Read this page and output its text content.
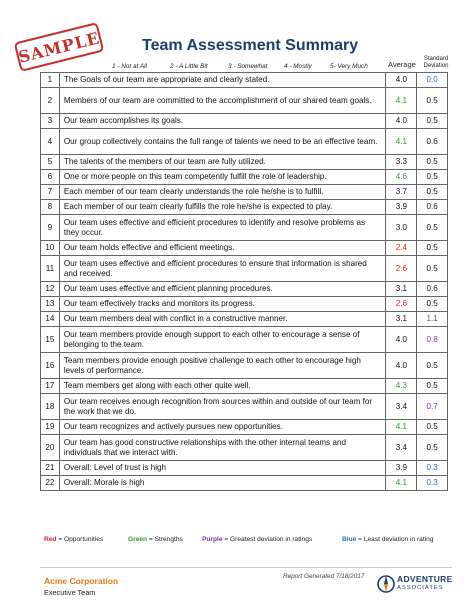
SAMPLE	Team Assessment Summary
1 - Not at All	2 - A Little Bit	3 - Somewhat	4 - Mostly	5- Very Much	Average
Standard Deviation
1	The Goals of our team are appropriate and clearly stated.	4.0	0.0
2	Members of our team are committed to the accomplishment of our shared team goals.	4.1	0.5
3	Our team accomplishes its goals.	4.0	0.5
4	Our group collectively contains the full range of talents we need to be an effective team.	4.1	0.6
5	The talents of the members of our team are fully utilized.	3.3	0.5
6	One or more people on this team competently fulfill the role of leadership.	4.6	0.5
7	Each member of our team clearly understands the role he/she is to fulfill.	3.7	0.5
8	Each member of our team clearly fulfills the role he/she is expected to play.	3.9	0.6
9	Our team uses effective and efficient procedures to identify and resolve problems as they occur.	3.0	0.5
10	Our team holds effective and efficient meetings.	2.4	0.5
11	Our team uses effective and efficient procedures to ensure that information is shared and received.	2.6	0.5
12	Our team uses effective and efficient planning procedures.	3.1	0.6
13	Our team effectively tracks and monitors its progress.	2.6	0.5
14	Our team members deal with conflict in a constructive manner.	3.1	1.1
15	Our team members provide enough support to each other to encourage a sense of belonging to the team.	4.0	0.8
16	Team members provide enough positive challenge to each other to encourage high levels of performance.	4.0	0.5
17	Team members get along with each other quite well.	4.3	0.5
18	Our team receives enough recognition from sources within and outside of our team for the work that we do.	3.4	0.7
19	Our team recognizes and actively pursues new opportunities.	4.1	0.5
20	Our team has good constructive relationships with the other internal teams and individuals that we interact with.	3.4	0.5
21	Overall: Level of trust is high	3.9	0.3
22	Overall: Morale is high	4.1	0.3
Red = Opportunities	Green = Strengths	Purple = Greatest deviation in ratings	Blue = Least deviation in rating
Acme Corporation
Executive Team
Report Generated 7/18/2017	ADVENTURE
ASSOCIATES
